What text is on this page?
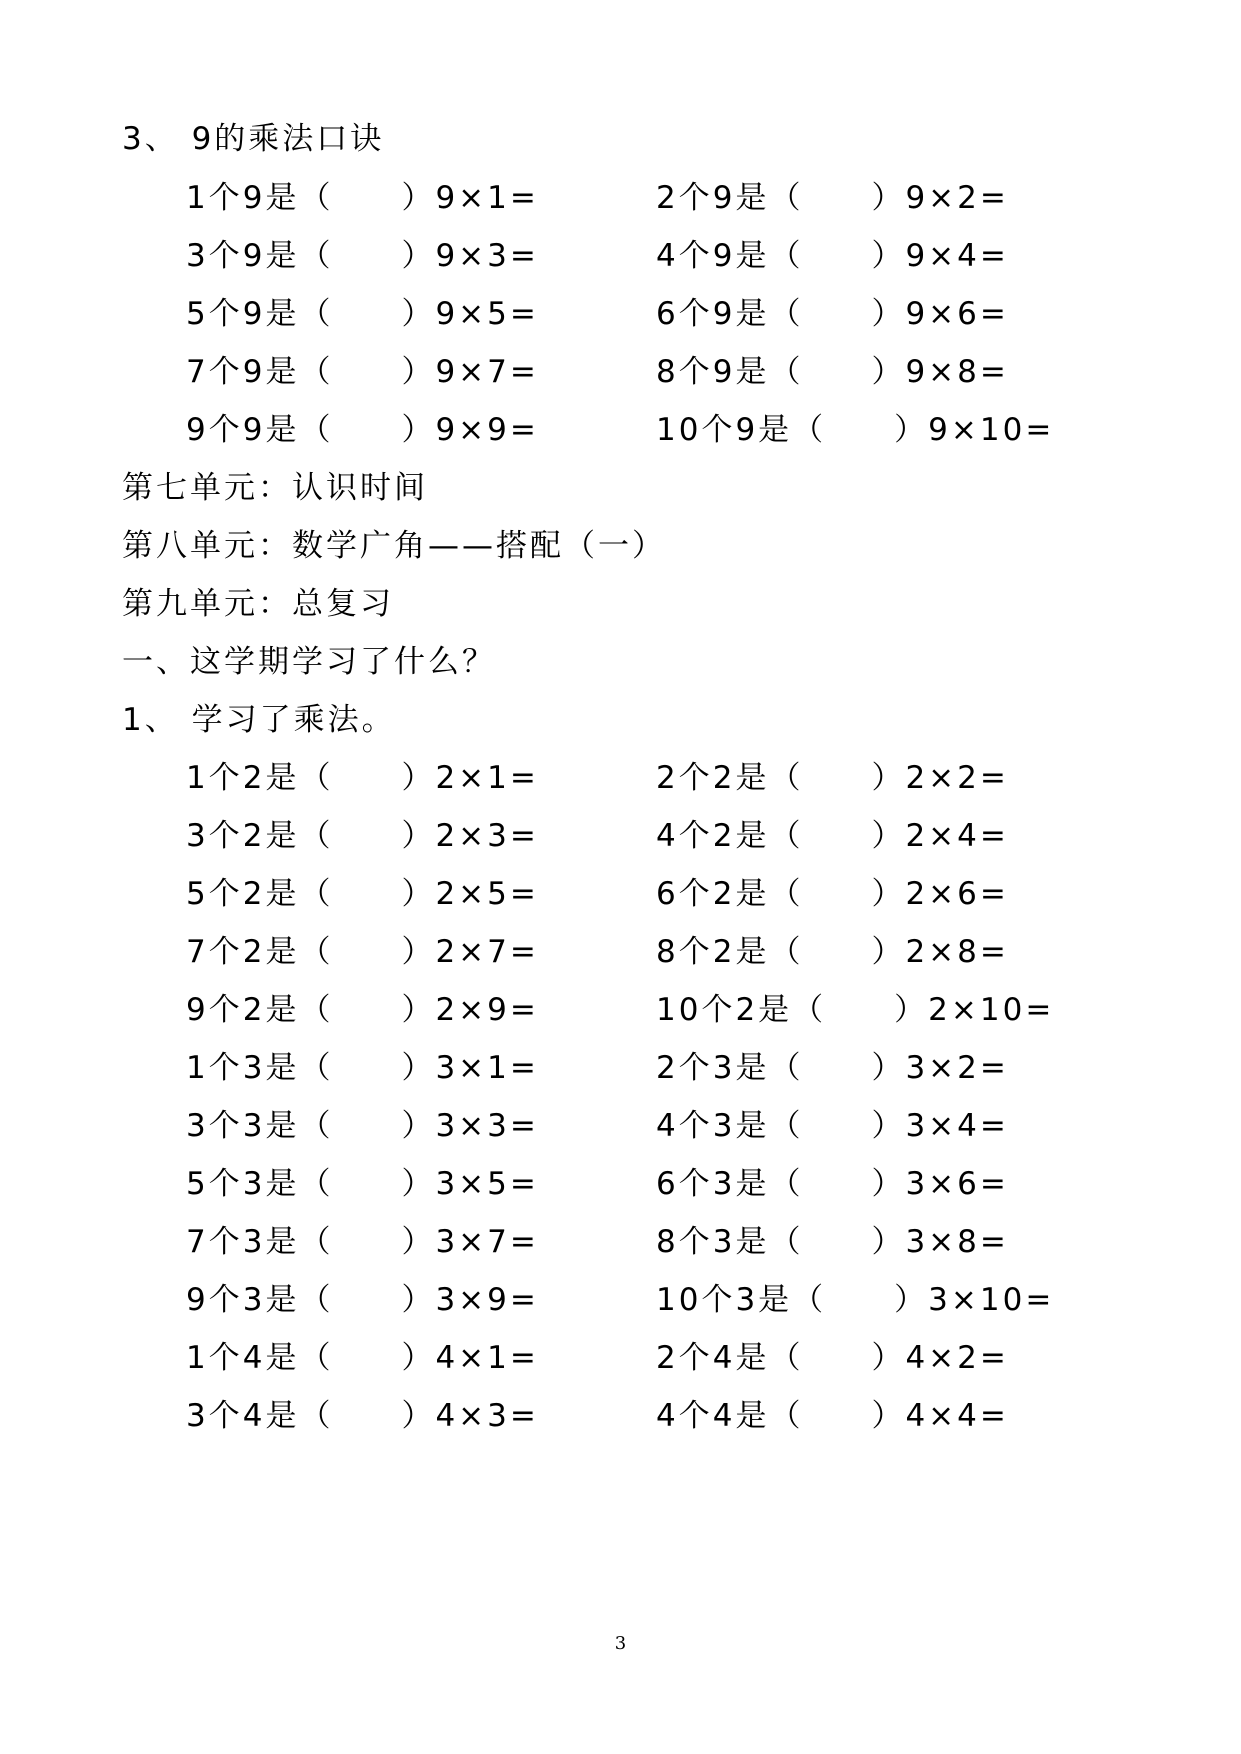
3、 9的乘法口诀
1个9是（　　）9×1=	2个9是（　　）9×2=
3个9是（　　）9×3=	4个9是（　　）9×4=
5个9是（　　）9×5=	6个9是（　　）9×6=
7个9是（　　）9×7=	8个9是（　　）9×8=
9个9是（　　）9×9=	10个9是（　　）9×10=
第七单元：认识时间
第八单元：数学广角——搭配（一）
第九单元：总复习
一、这学期学习了什么？
1、 学习了乘法。
1个2是（　　）2×1=	2个2是（　　）2×2=
3个2是（　　）2×3=	4个2是（　　）2×4=
5个2是（　　）2×5=	6个2是（　　）2×6=
7个2是（　　）2×7=	8个2是（　　）2×8=
9个2是（　　）2×9=	10个2是（　　）2×10=
1个3是（　　）3×1=	2个3是（　　）3×2=
3个3是（　　）3×3=	4个3是（　　）3×4=
5个3是（　　）3×5=	6个3是（　　）3×6=
7个3是（　　）3×7=	8个3是（　　）3×8=
9个3是（　　）3×9=	10个3是（　　）3×10=
1个4是（　　）4×1=	2个4是（　　）4×2=
3个4是（　　）4×3=	4个4是（　　）4×4=
3
